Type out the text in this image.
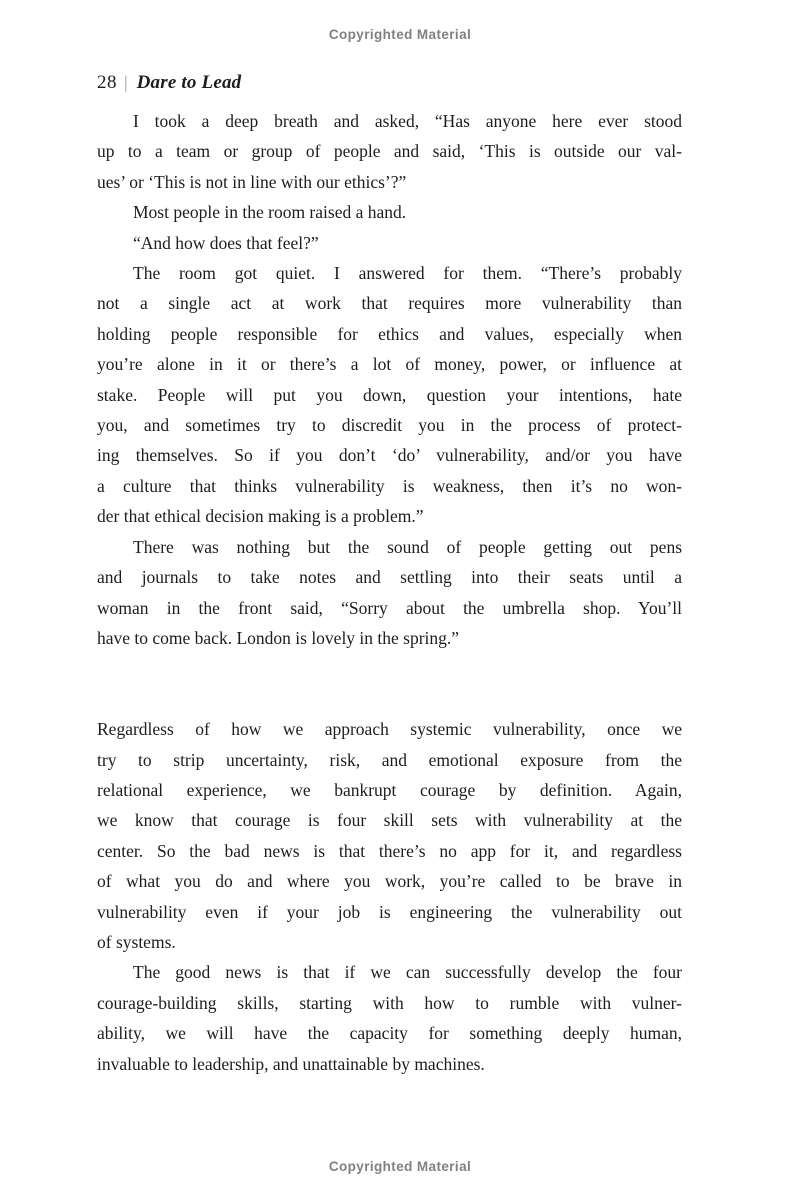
Copyrighted Material
28 | Dare to Lead
I took a deep breath and asked, “Has anyone here ever stood
up to a team or group of people and said, ‘This is outside our val-
ues’ or ‘This is not in line with our ethics’?”
Most people in the room raised a hand.
“And how does that feel?”
The room got quiet. I answered for them. “There’s probably
not a single act at work that requires more vulnerability than
holding people responsible for ethics and values, especially when
you’re alone in it or there’s a lot of money, power, or influence at
stake. People will put you down, question your intentions, hate
you, and sometimes try to discredit you in the process of protect-
ing themselves. So if you don’t ‘do’ vulnerability, and/or you have
a culture that thinks vulnerability is weakness, then it’s no won-
der that ethical decision making is a problem.”
There was nothing but the sound of people getting out pens
and journals to take notes and settling into their seats until a
woman in the front said, “Sorry about the umbrella shop. You’ll
have to come back. London is lovely in the spring.”
Regardless of how we approach systemic vulnerability, once we
try to strip uncertainty, risk, and emotional exposure from the
relational experience, we bankrupt courage by definition. Again,
we know that courage is four skill sets with vulnerability at the
center. So the bad news is that there’s no app for it, and regardless
of what you do and where you work, you’re called to be brave in
vulnerability even if your job is engineering the vulnerability out
of systems.
The good news is that if we can successfully develop the four
courage-building skills, starting with how to rumble with vulner-
ability, we will have the capacity for something deeply human,
invaluable to leadership, and unattainable by machines.
Copyrighted Material
